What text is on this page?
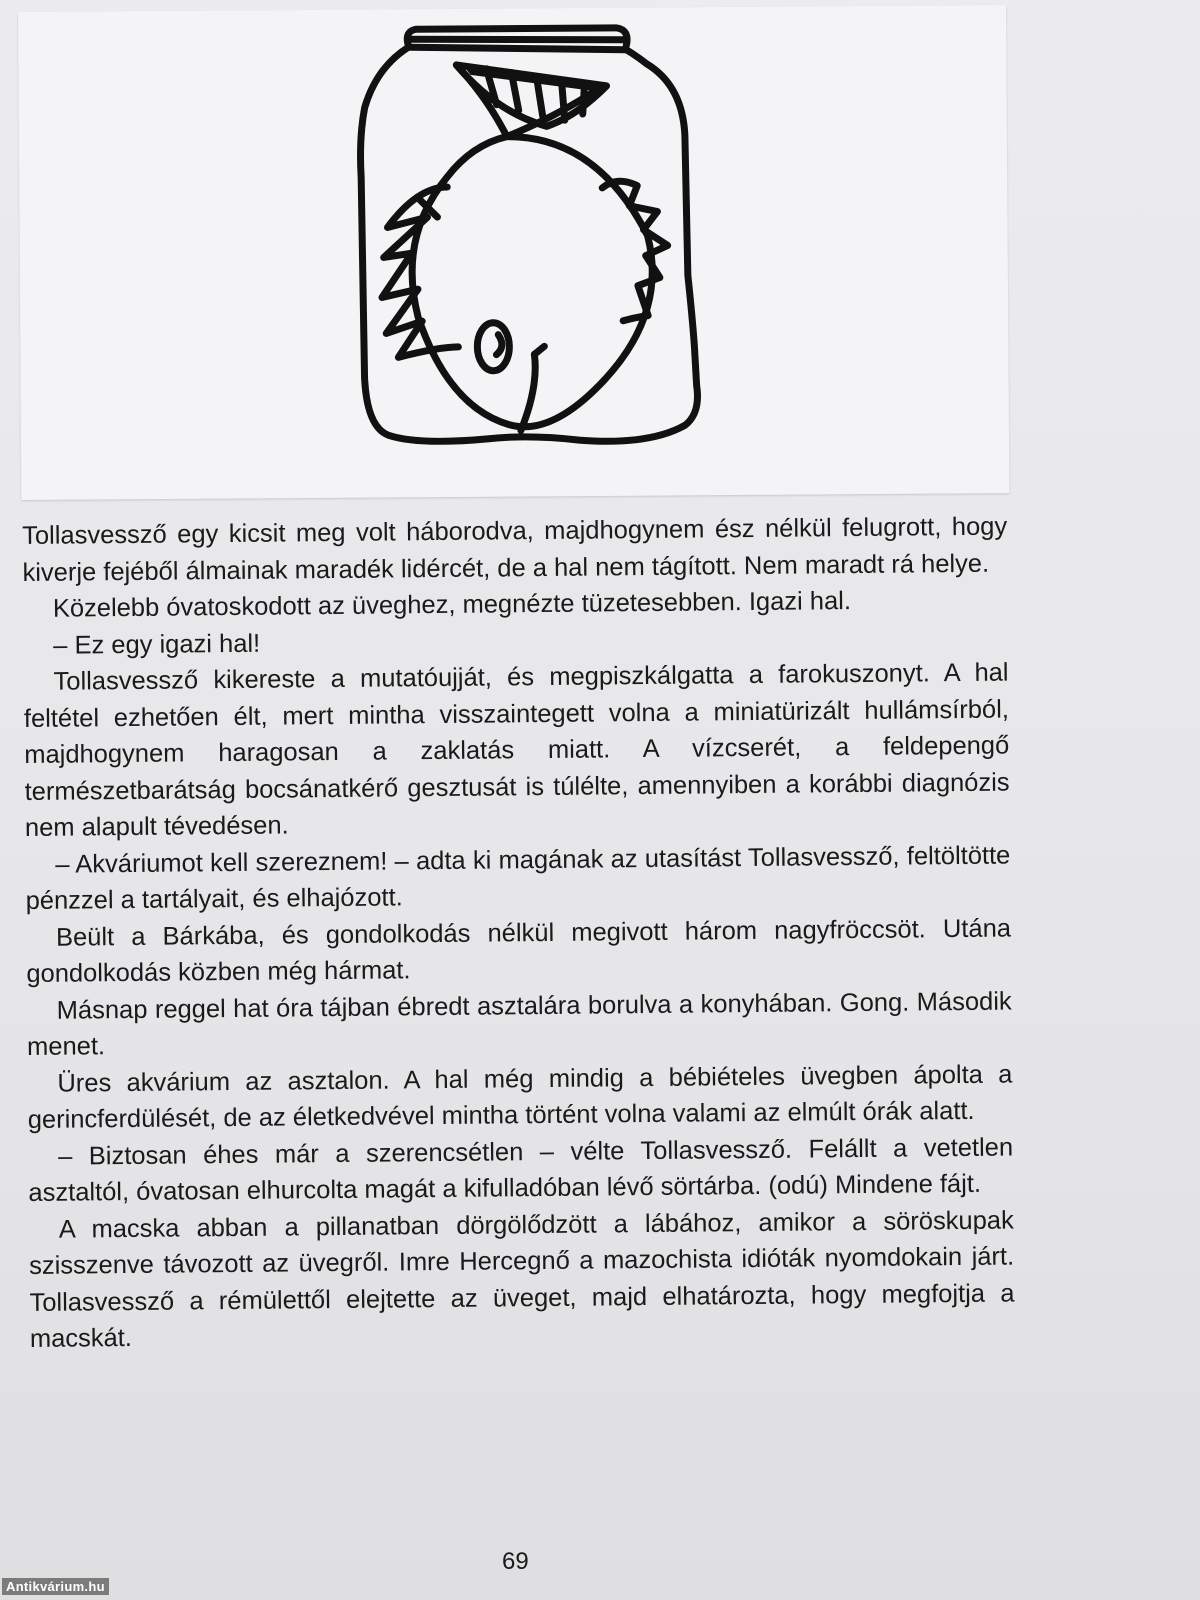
Tollasvessző egy kicsit meg volt háborodva, majdhogynem ész nélkül felugrott, hogy kiverje fejéből álmainak maradék lidércét, de a hal nem tágított. Nem maradt rá helye.

Közelebb óvatoskodott az üveghez, megnézte tüzetesebben. Igazi hal.

– Ez egy igazi hal!

Tollasvessző kikereste a mutatóujját, és megpiszkálgatta a farokuszonyt. A hal feltétel ezhetően élt, mert mintha visszaintegett volna a miniatürizált hullámsírból, majdhogynem haragosan a zaklatás miatt. A vízcserét, a feldeрengő természetbarátság bocsánatkérő gesztusát is túlélte, amennyiben a korábbi diagnózis nem alapult tévedésen.

– Akváriumot kell szereznem! – adta ki magának az utasítást Tollasvessző, feltöltötte pénzzel a tartályait, és elhajózott.

Beült a Bárkába, és gondolkodás nélkül megivott három nagyfröccsöt. Utána gondolkodás közben még hármat.

Másnap reggel hat óra tájban ébredt asztalára borulva a konyhában. Gong. Második menet.

Üres akvárium az asztalon. A hal még mindig a bébiételes üvegben ápolta a gerincferdülését, de az életkedvével mintha történt volna valami az elmúlt órák alatt.

– Biztosan éhes már a szerencsétlen – vélte Tollasvessző. Felállt a vetetlen asztaltól, óvatosan elhurcolta magát a kifulladóban lévő sörtárba. (odú) Mindene fájt.

A macska abban a pillanatban dörgölődzött a lábához, amikor a söröskupak szisszenve távozott az üvegről. Imre Hercegnő a mazochista idióták nyomdokain járt. Tollasvessző a rémülettől elejtette az üveget, majd elhatározta, hogy megfojtja a macskát.

69
Antikvárium.hu
